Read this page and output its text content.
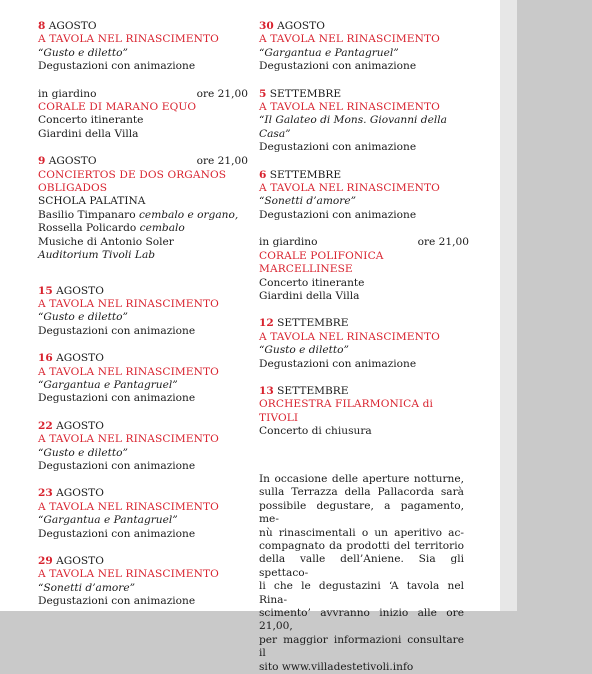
8 AGOSTO
A TAVOLA NEL RINASCIMENTO
“Gusto e diletto”
Degustazioni con animazione
in giardino	ore 21,00
CORALE DI MARANO EQUO
Concerto itinerante
Giardini della Villa
9 AGOSTO	ore 21,00
CONCIERTOS DE DOS ORGANOS OBLIGADOS
SCHOLA PALATINA
Basilio Timpanaro cembalo e organo,
Rossella Policardo cembalo
Musiche di Antonio Soler
Auditorium Tivoli Lab
15 AGOSTO
A TAVOLA NEL RINASCIMENTO
“Gusto e diletto”
Degustazioni con animazione
16 AGOSTO
A TAVOLA NEL RINASCIMENTO
“Gargantua e Pantagruel”
Degustazioni con animazione
22 AGOSTO
A TAVOLA NEL RINASCIMENTO
“Gusto e diletto”
Degustazioni con animazione
23 AGOSTO
A TAVOLA NEL RINASCIMENTO
“Gargantua e Pantagruel”
Degustazioni con animazione
29 AGOSTO
A TAVOLA NEL RINASCIMENTO
“Sonetti d’amore”
Degustazioni con animazione
30 AGOSTO
A TAVOLA NEL RINASCIMENTO
“Gargantua e Pantagruel”
Degustazioni con animazione
5 SETTEMBRE
A TAVOLA NEL RINASCIMENTO
“Il Galateo di Mons. Giovanni della Casa”
Degustazioni con animazione
6 SETTEMBRE
A TAVOLA NEL RINASCIMENTO
“Sonetti d’amore”
Degustazioni con animazione
in giardino	ore 21,00
CORALE POLIFONICA MARCELLINESE
Concerto itinerante
Giardini della Villa
12 SETTEMBRE
A TAVOLA NEL RINASCIMENTO
“Gusto e diletto”
Degustazioni con animazione
13 SETTEMBRE
ORCHESTRA FILARMONICA di TIVOLI
Concerto di chiusura
In occasione delle aperture notturne,
sulla Terrazza della Pallacorda sarà
possibile degustare, a pagamento, me-
nù rinascimentali o un aperitivo ac-
compagnato da prodotti del territorio
della valle dell’Aniene. Sia gli spettaco-
li che le degustazini ‘A tavola nel Rina-
scimento’ avvranno inizio alle ore 21,00,
per maggior informazioni consultare il
sito www.villadestetivoli.info
